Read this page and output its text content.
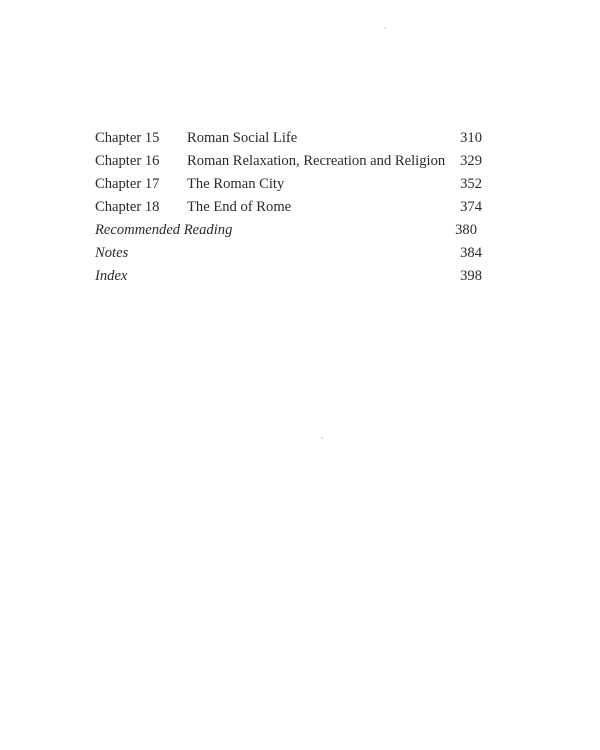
Chapter 15 Roman Social Life	310
Chapter 16 Roman Relaxation, Recreation and Religion 329
Chapter 17 The Roman City	352
Chapter 18 The End of Rome	374
Recommended Reading	380
Notes	384
Index	398
